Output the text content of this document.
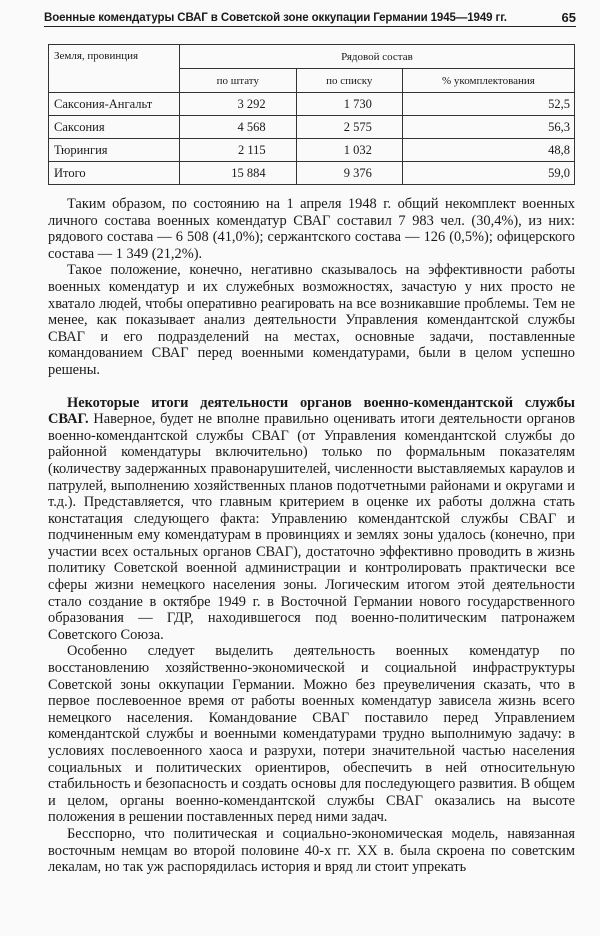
Военные комендатуры СВАГ в Советской зоне оккупации Германии 1945—1949 гг.	65
Земля, провинция	Рядовой состав		
	по штату	по списку	% укомплектования
Саксония-Ангальт	3 292	1 730	52,5
Саксония	4 568	2 575	56,3
Тюрингия	2 115	1 032	48,8
Итого	15 884	9 376	59,0

Таким образом, по состоянию на 1 апреля 1948 г. общий некомплект военных личного состава военных комендатур СВАГ составил 7 983 чел. (30,4%), из них: рядового состава — 6 508 (41,0%); сержантского состава — 126 (0,5%); офицерского состава — 1 349 (21,2%).

Такое положение, конечно, негативно сказывалось на эффективности работы военных комендатур и их служебных возможностях, зачастую у них просто не хватало людей, чтобы оперативно реагировать на все возникавшие проблемы. Тем не менее, как показывает анализ деятельности Управления комендантской службы СВАГ и его подразделений на местах, основные задачи, поставленные командованием СВАГ перед военными комендатурами, были в целом успешно решены.

Некоторые итоги деятельности органов военно-комендантской службы СВАГ. Наверное, будет не вполне правильно оценивать итоги деятельности органов военно-комендантской службы СВАГ (от Управления комендантской службы до районной комендатуры включительно) только по формальным показателям (количеству задержанных правонарушителей, численности выставляемых караулов и патрулей, выполнению хозяйственных планов подотчетными районами и округами и т.д.). Представляется, что главным критерием в оценке их работы должна стать констатация следующего факта: Управлению комендантской службы СВАГ и подчиненным ему комендатурам в провинциях и землях зоны удалось (конечно, при участии всех остальных органов СВАГ), достаточно эффективно проводить в жизнь политику Советской военной администрации и контролировать практически все сферы жизни немецкого населения зоны. Логическим итогом этой деятельности стало создание в октябре 1949 г. в Восточной Германии нового государственного образования — ГДР, находившегося под военно-политическим патронажем Советского Союза.

Особенно следует выделить деятельность военных комендатур по восстановлению хозяйственно-экономической и социальной инфраструктуры Советской зоны оккупации Германии. Можно без преувеличения сказать, что в первое послевоенное время от работы военных комендатур зависела жизнь всего немецкого населения. Командование СВАГ поставило перед Управлением комендантской службы и военными комендатурами трудно выполнимую задачу: в условиях послевоенного хаоса и разрухи, потери значительной частью населения социальных и политических ориентиров, обеспечить в ней относительную стабильность и безопасность и создать основы для последующего развития. В общем и целом, органы военно-комендантской службы СВАГ оказались на высоте положения в решении поставленных перед ними задач.

Бесспорно, что политическая и социально-экономическая модель, навязанная восточным немцам во второй половине 40-х гг. XX в. была скроена по советским лекалам, но так уж распорядилась история и вряд ли стоит упрекать
